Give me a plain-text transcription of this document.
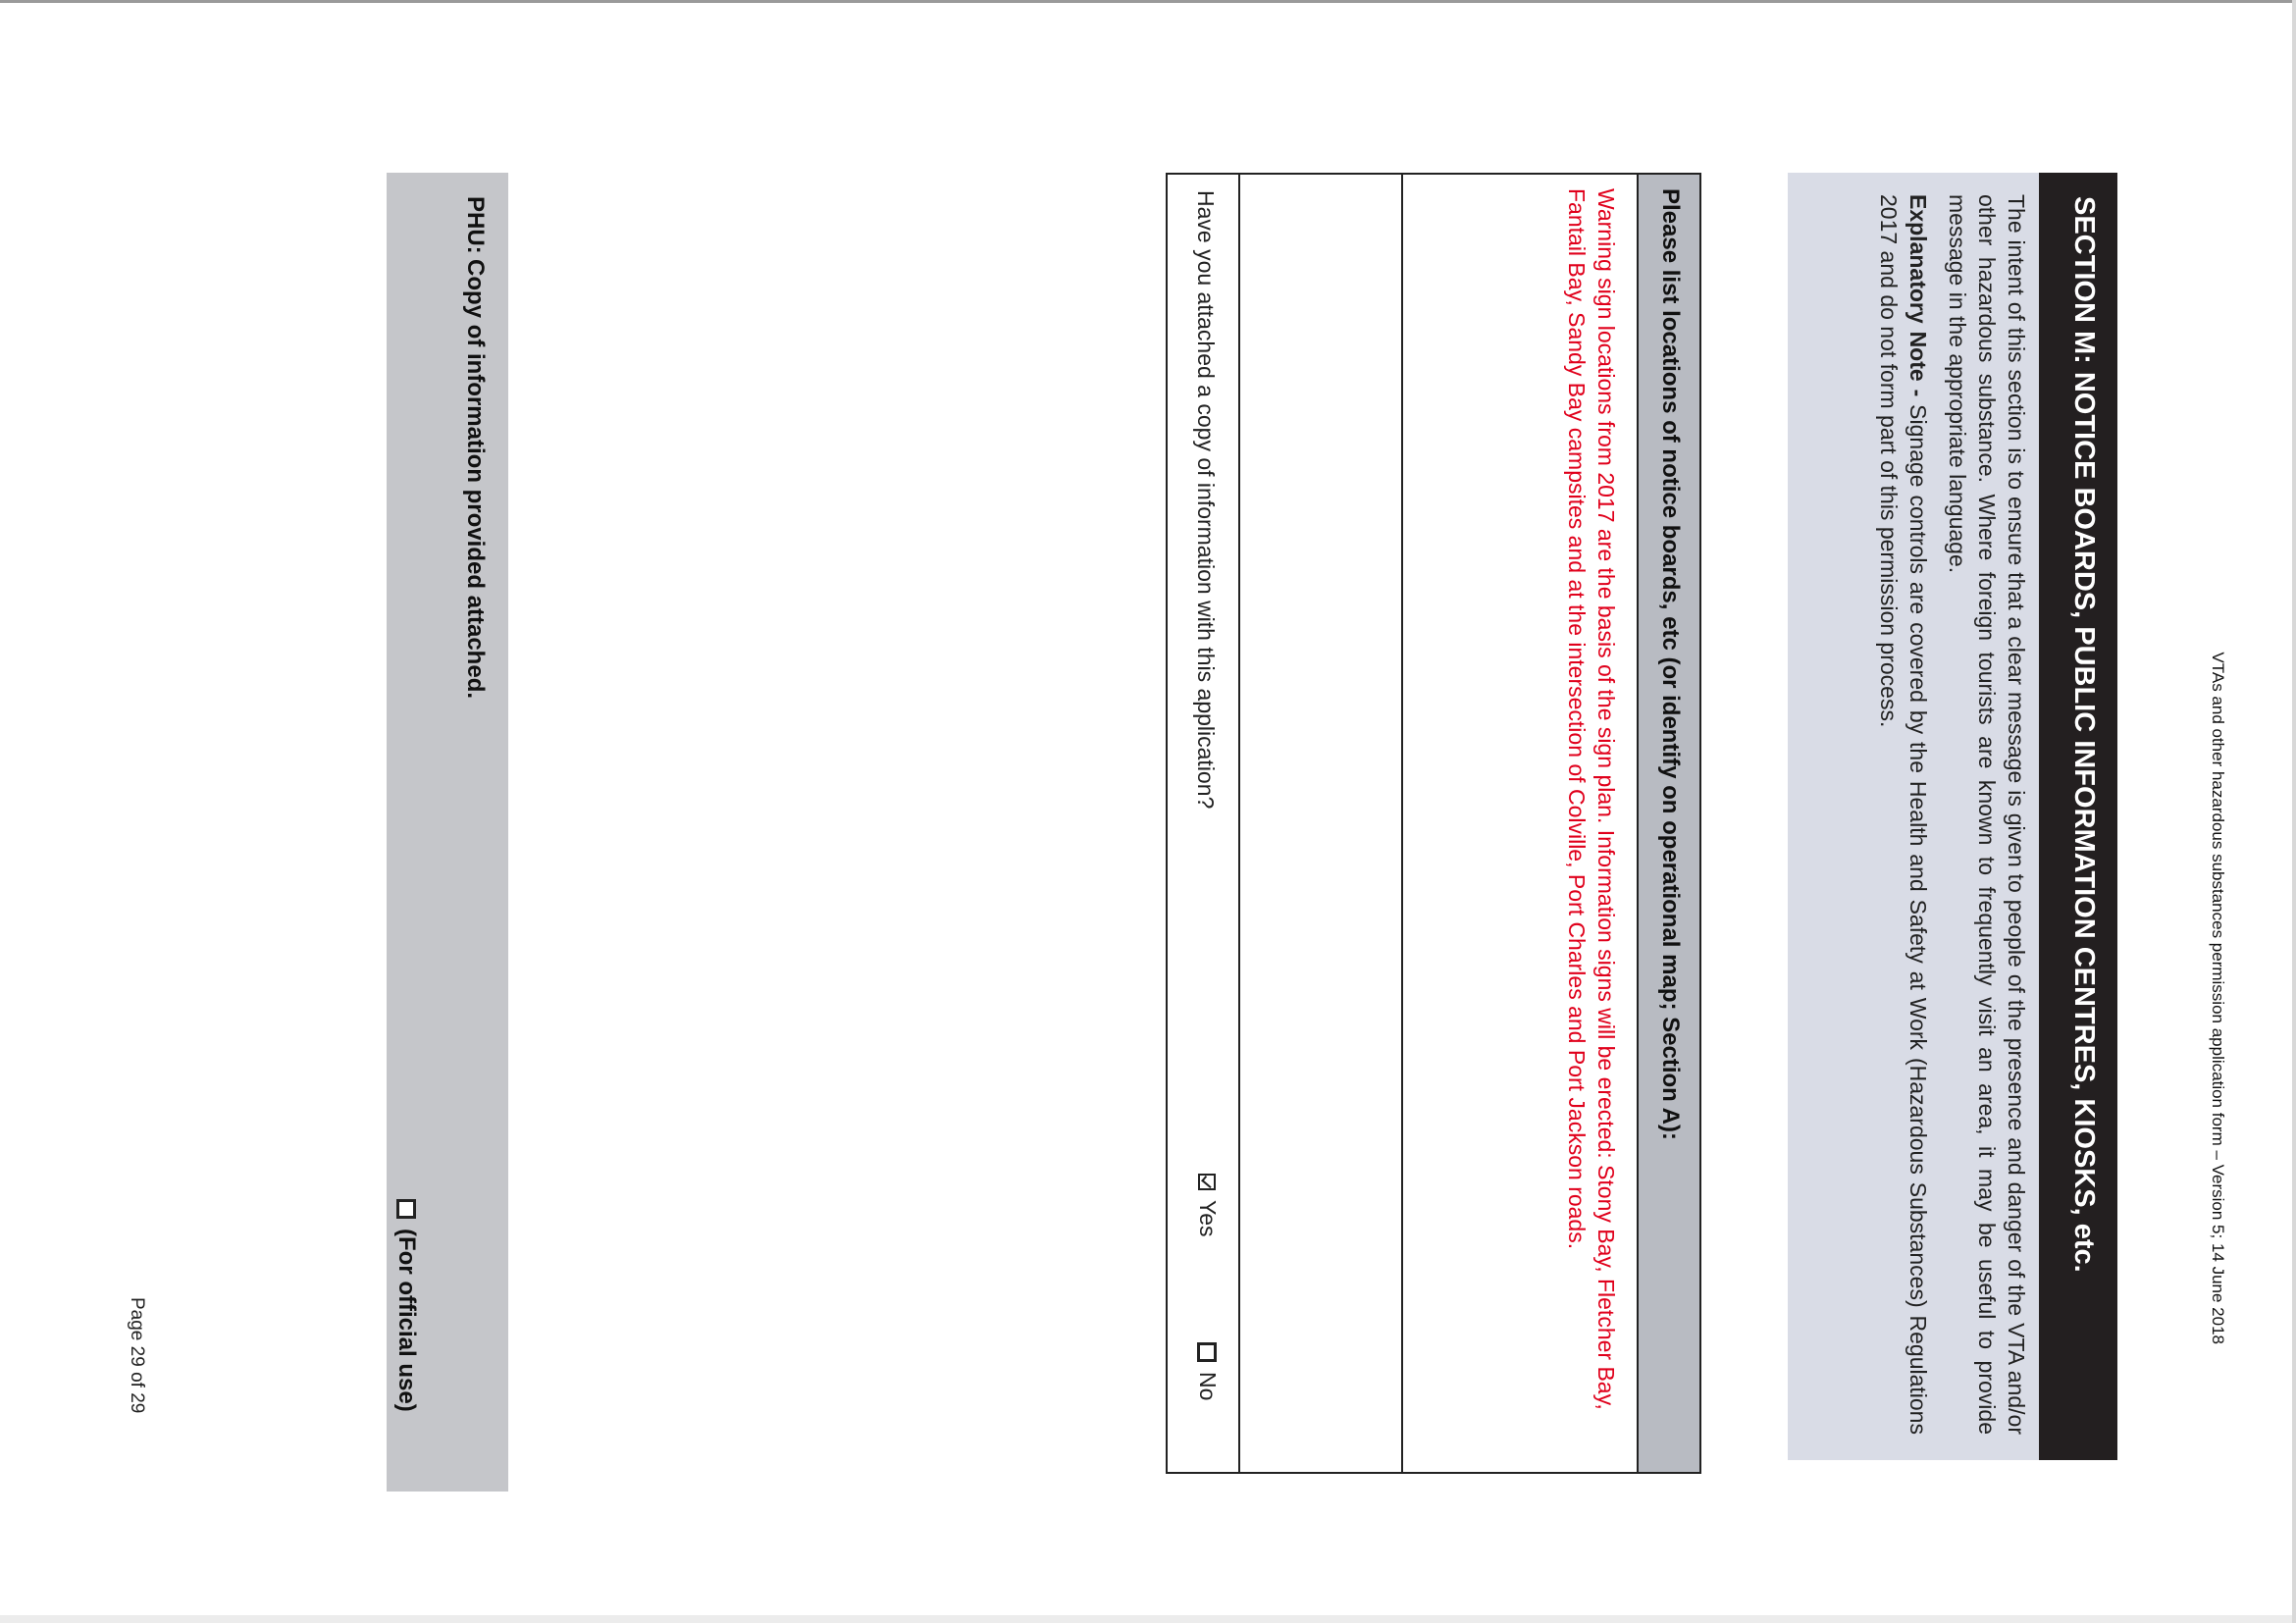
VTAs and other hazardous substances permission application form – Version 5; 14 June 2018
SECTION M: NOTICE BOARDS, PUBLIC INFORMATION CENTRES, KIOSKS, etc.

The intent of this section is to ensure that a clear message is given to people of the presence and danger of the VTA and/or other hazardous substance. Where foreign tourists are known to frequently visit an area, it may be useful to provide message in the appropriate language.

Explanatory Note - Signage controls are covered by the Health and Safety at Work (Hazardous Substances) Regulations 2017 and do not form part of this permission process.

Please list locations of notice boards, etc (or identify on operational map; Section A):
Warning sign locations from 2017 are the basis of the sign plan. Information signs will be erected: Stony Bay, Fletcher Bay, Fantail Bay, Sandy Bay campsites and at the intersection of Colville, Port Charles and Port Jackson roads.
Have you attached a copy of information with this application?
Yes
No
PHU:
Copy of information provided attached.
(For official use)
Page 29 of 29
